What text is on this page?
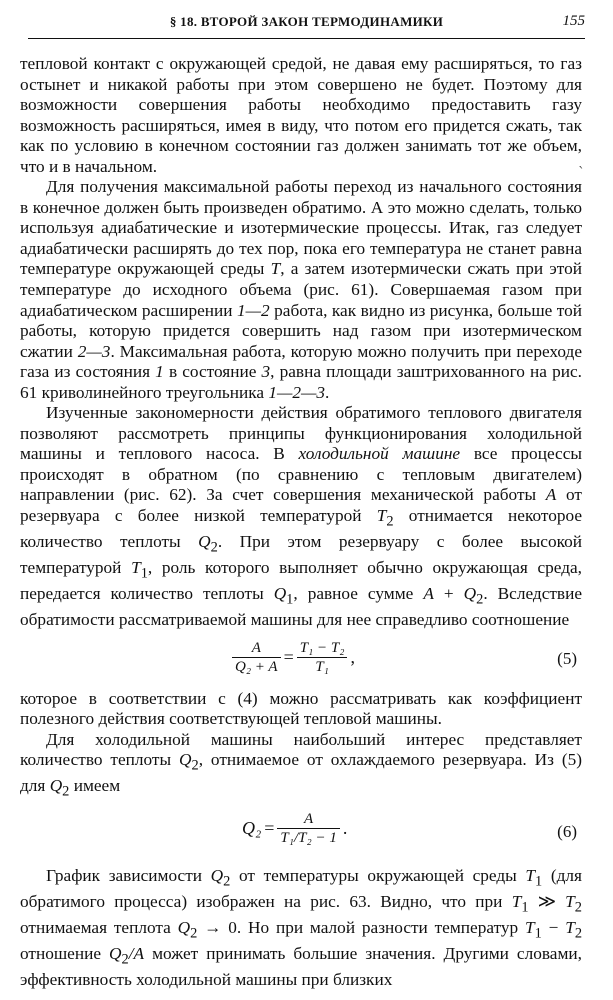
§ 18. ВТОРОЙ ЗАКОН ТЕРМОДИНАМИКИ	155
ˋ

тепловой контакт с окружающей средой, не давая ему расширяться, то газ остынет и никакой работы при этом совершено не будет. Поэтому для возможности совершения работы необходимо предоставить газу возможность расширяться, имея в виду, что потом его придется сжать, так как по условию в конечном состоянии газ должен занимать тот же объем, что и в начальном.

Для получения максимальной работы переход из начального состояния в конечное должен быть произведен обратимо. А это можно сделать, только используя адиабатические и изотермические процессы. Итак, газ следует адиабатически расширять до тех пор, пока его температура не станет равна температуре окружающей среды T, а затем изотермически сжать при этой температуре до исходного объема (рис. 61). Совершаемая газом при адиабатическом расширении 1—2 работа, как видно из рисунка, больше той работы, которую придется совершить над газом при изотермическом сжатии 2—3. Максимальная работа, которую можно получить при переходе газа из состояния 1 в состояние 3, равна площади заштрихованного на рис. 61 криволинейного треугольника 1—2—3.

Изученные закономерности действия обратимого теплового двигателя позволяют рассмотреть принципы функционирования холодильной машины и теплового насоса. В холодильной машине все процессы происходят в обратном (по сравнению с тепловым двигателем) направлении (рис. 62). За счет совершения механической работы A от резервуара с более низкой температурой $T_2$ отнимается некоторое количество теплоты $Q_2$. При этом резервуару с более высокой температурой $T_1$, роль которого выполняет обычно окружающая среда, передается количество теплоты $Q_1$, равное сумме $A + Q_2$. Вследствие обратимости рассматриваемой машины для нее справедливо соотношение

$\frac{A}{\text{Q₂ + A}} = \frac{\text{T₁ − T₂}}{\text{T₁}}$ ,	(5)

которое в соответствии с (4) можно рассматривать как коэффициент полезного действия соответствующей тепловой машины.

Для холодильной машины наибольший интерес представляет количество теплоты $Q_2$, отнимаемое от охлаждаемого резервуара. Из (5) для $Q_2$ имеем

$Q_2 = \frac{A}{\text{T₁/T₂ − 1}}$ .	(6)

График зависимости $Q_2$ от температуры окружающей среды $T_1$ (для обратимого процесса) изображен на рис. 63. Видно, что при $T_1$ ≫ $T_2$ отнимаемая теплота $Q_2 \to 0$. Но при малой разности температур $T_1 - T_2$ отношение $Q_2/A$ может принимать большие значения. Другими словами, эффективность холодильной машины при близких
